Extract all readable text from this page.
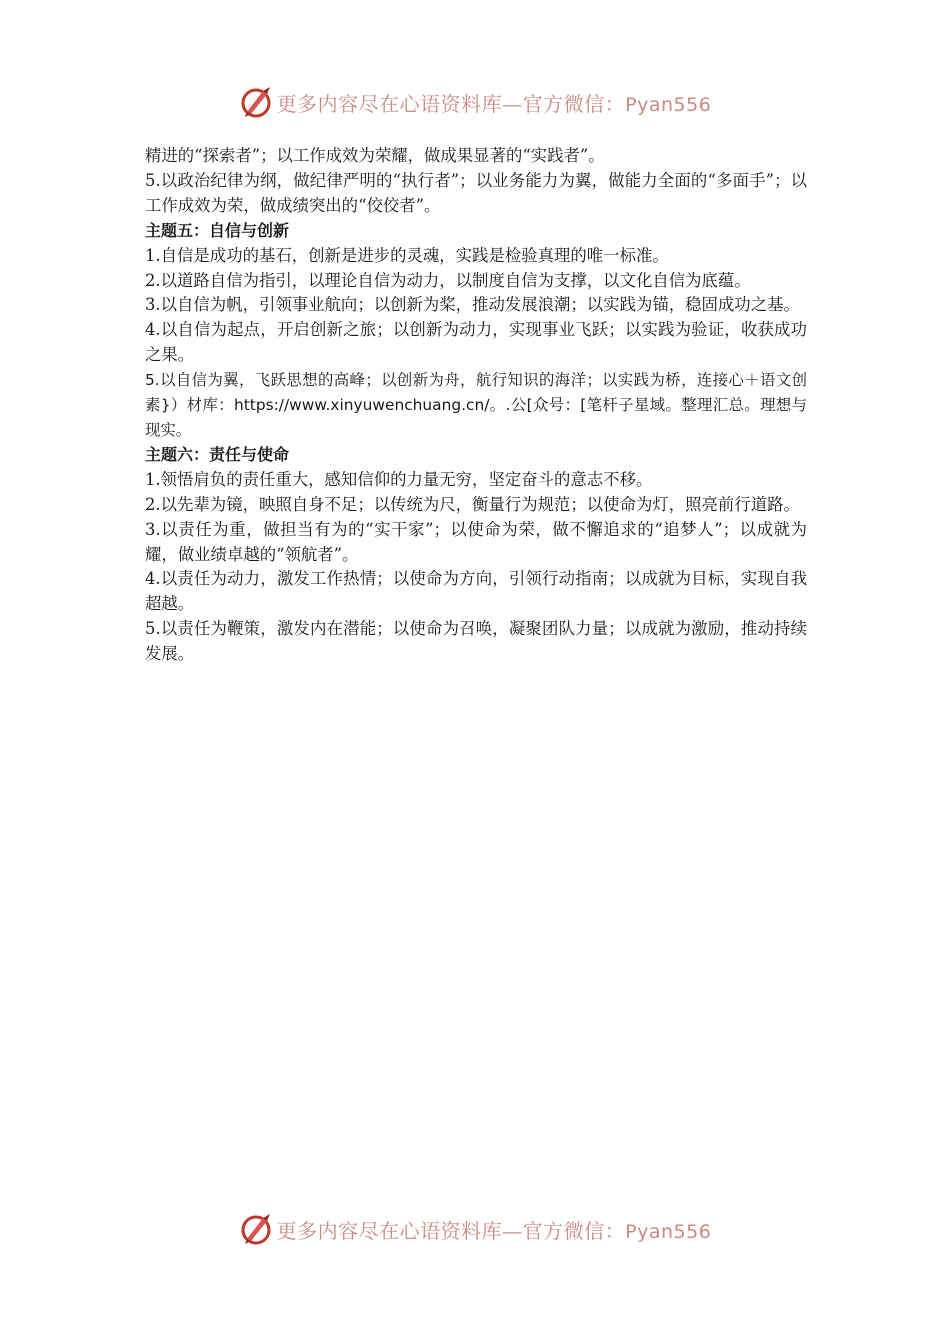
更多内容尽在心语资料库—官方微信：Pyan556

精进的“探索者”；以工作成效为荣耀，做成果显著的“实践者”。

5.以政治纪律为纲，做纪律严明的“执行者”；以业务能力为翼，做能力全面的“多面手”；以工作成效为荣，做成绩突出的“佼佼者”。

主题五：自信与创新

1.自信是成功的基石，创新是进步的灵魂，实践是检验真理的唯一标准。

2.以道路自信为指引，以理论自信为动力，以制度自信为支撑，以文化自信为底蕴。

3.以自信为帆，引领事业航向；以创新为桨，推动发展浪潮；以实践为锚，稳固成功之基。

4.以自信为起点，开启创新之旅；以创新为动力，实现事业飞跃；以实践为验证，收获成功之果。

5.以自信为翼，飞跃思想的高峰；以创新为舟，航行知识的海洋；以实践为桥，连接心＋语文创素}）材库：https://www.xinyuwenchuang.cn/。.公[众号：[笔杆子星域。整理汇总。理想与现实。

主题六：责任与使命

1.领悟肩负的责任重大，感知信仰的力量无穷，坚定奋斗的意志不移。

2.以先辈为镜，映照自身不足；以传统为尺，衡量行为规范；以使命为灯，照亮前行道路。

3.以责任为重，做担当有为的“实干家”；以使命为荣，做不懈追求的“追梦人”；以成就为耀，做业绩卓越的“领航者”。

4.以责任为动力，激发工作热情；以使命为方向，引领行动指南；以成就为目标，实现自我超越。

5.以责任为鞭策，激发内在潜能；以使命为召唤，凝聚团队力量；以成就为激励，推动持续发展。

更多内容尽在心语资料库—官方微信：Pyan556
